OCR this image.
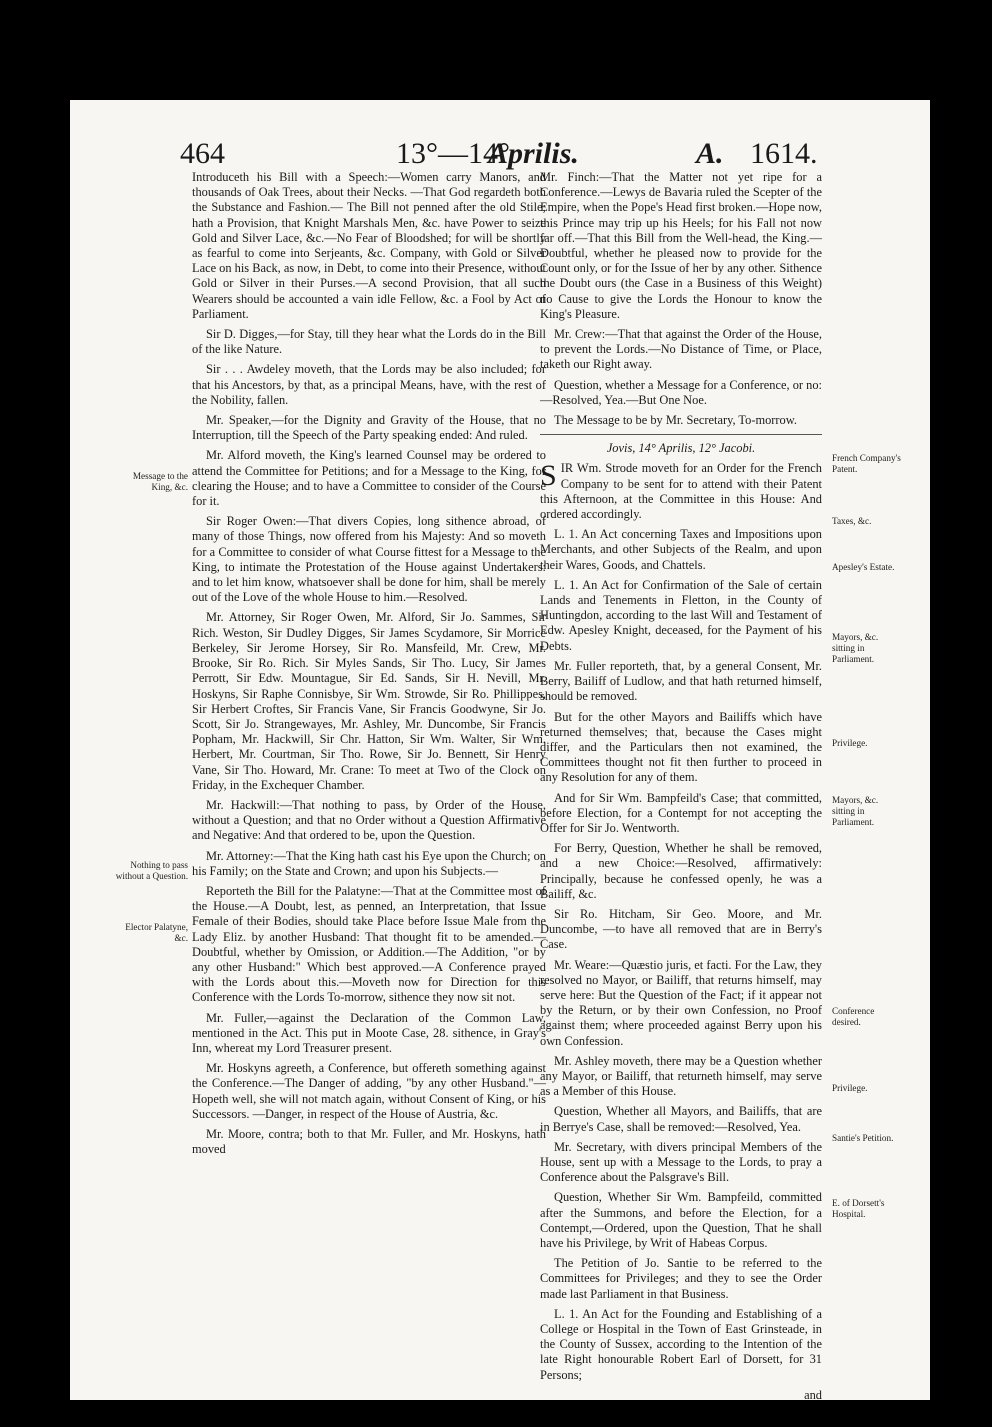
464	13°—14°
Aprilis.	A. 1614.

Introduceth his Bill with a Speech:—Women carry Manors, and thousands of Oak Trees, about their Necks. —That God regardeth both the Substance and Fashion.— The Bill not penned after the old Stile; hath a Provision, that Knight Marshals Men, &c. have Power to seize Gold and Silver Lace, &c.—No Fear of Bloodshed; for will be shortly as fearful to come into Serjeants, &c. Company, with Gold or Silver Lace on his Back, as now, in Debt, to come into their Presence, without Gold or Silver in their Purses.—A second Provision, that all such Wearers should be accounted a vain idle Fellow, &c. a Fool by Act of Parliament.

Sir D. Digges,—for Stay, till they hear what the Lords do in the Bill of the like Nature.

Sir . . . Awdeley moveth, that the Lords may be also included; for that his Ancestors, by that, as a principal Means, have, with the rest of the Nobility, fallen.

Mr. Speaker,—for the Dignity and Gravity of the House, that no Interruption, till the Speech of the Party speaking ended: And ruled.

Mr. Alford moveth, the King's learned Counsel may be ordered to attend the Committee for Petitions; and for a Message to the King, for clearing the House; and to have a Committee to consider of the Course for it.

Sir Roger Owen:—That divers Copies, long sithence abroad, of many of those Things, now offered from his Majesty: And so moveth for a Committee to consider of what Course fittest for a Message to the King, to intimate the Protestation of the House against Undertakers: and to let him know, whatsoever shall be done for him, shall be merely out of the Love of the whole House to him.—Resolved.

Mr. Attorney, Sir Roger Owen, Mr. Alford, Sir Jo. Sammes, Sir Rich. Weston, Sir Dudley Digges, Sir James Scydamore, Sir Morrice Berkeley, Sir Jerome Horsey, Sir Ro. Mansfeild, Mr. Crew, Mr. Brooke, Sir Ro. Rich. Sir Myles Sands, Sir Tho. Lucy, Sir James Perrott, Sir Edw. Mountague, Sir Ed. Sands, Sir H. Nevill, Mr. Hoskyns, Sir Raphe Connisbye, Sir Wm. Strowde, Sir Ro. Phillippes, Sir Herbert Croftes, Sir Francis Vane, Sir Francis Goodwyne, Sir Jo. Scott, Sir Jo. Strangewayes, Mr. Ashley, Mr. Duncombe, Sir Francis Popham, Mr. Hackwill, Sir Chr. Hatton, Sir Wm. Walter, Sir Wm. Herbert, Mr. Courtman, Sir Tho. Rowe, Sir Jo. Bennett, Sir Henry Vane, Sir Tho. Howard, Mr. Crane: To meet at Two of the Clock on Friday, in the Exchequer Chamber.

Mr. Hackwill:—That nothing to pass, by Order of the House, without a Question; and that no Order without a Question Affirmative and Negative: And that ordered to be, upon the Question.

Mr. Attorney:—That the King hath cast his Eye upon the Church; on his Family; on the State and Crown; and upon his Subjects.—

Reporteth the Bill for the Palatyne:—That at the Committee most of the House.—A Doubt, lest, as penned, an Interpretation, that Issue Female of their Bodies, should take Place before Issue Male from the Lady Eliz. by another Husband: That thought fit to be amended.—Doubtful, whether by Omission, or Addition.—The Addition, "or by any other Husband:" Which best approved.—A Conference prayed with the Lords about this.—Moveth now for Direction for this Conference with the Lords To-morrow, sithence they now sit not.

Mr. Fuller,—against the Declaration of the Common Law, mentioned in the Act. This put in Moote Case, 28. sithence, in Gray's Inn, whereat my Lord Treasurer present.

Mr. Hoskyns agreeth, a Conference, but offereth something against the Conference.—The Danger of adding, "by any other Husband."—Hopeth well, she will not match again, without Consent of King, or his Successors. —Danger, in respect of the House of Austria, &c.

Mr. Moore, contra; both to that Mr. Fuller, and Mr. Hoskyns, hath moved

Message to the King, &c.
Nothing to pass without a Question.
Elector Palatyne, &c.

Mr. Finch:—That the Matter not yet ripe for a Conference.—Lewys de Bavaria ruled the Scepter of the Empire, when the Pope's Head first broken.—Hope now, this Prince may trip up his Heels; for his Fall not now far off.—That this Bill from the Well-head, the King.—Doubtful, whether he pleased now to provide for the Count only, or for the Issue of her by any other. Sithence the Doubt ours (the Case in a Business of this Weight) no Cause to give the Lords the Honour to know the King's Pleasure.

Mr. Crew:—That that against the Order of the House, to prevent the Lords.—No Distance of Time, or Place, taketh our Right away.

Question, whether a Message for a Conference, or no:—Resolved, Yea.—But One Noe.

The Message to be by Mr. Secretary, To-morrow.

Jovis, 14° Aprilis, 12° Jacobi.

SIR Wm. Strode moveth for an Order for the French Company to be sent for to attend with their Patent this Afternoon, at the Committee in this House: And ordered accordingly.

L. 1. An Act concerning Taxes and Impositions upon Merchants, and other Subjects of the Realm, and upon their Wares, Goods, and Chattels.

L. 1. An Act for Confirmation of the Sale of certain Lands and Tenements in Fletton, in the County of Huntingdon, according to the last Will and Testament of Edw. Apesley Knight, deceased, for the Payment of his Debts.

Mr. Fuller reporteth, that, by a general Consent, Mr. Berry, Bailiff of Ludlow, and that hath returned himself, should be removed.

But for the other Mayors and Bailiffs which have returned themselves; that, because the Cases might differ, and the Particulars then not examined, the Committees thought not fit then further to proceed in any Resolution for any of them.

And for Sir Wm. Bampfeild's Case; that committed, before Election, for a Contempt for not accepting the Offer for Sir Jo. Wentworth.

For Berry, Question, Whether he shall be removed, and a new Choice:—Resolved, affirmatively: Principally, because he confessed openly, he was a Bailiff, &c.

Sir Ro. Hitcham, Sir Geo. Moore, and Mr. Duncombe, —to have all removed that are in Berry's Case.

Mr. Weare:—Quæstio juris, et facti. For the Law, they resolved no Mayor, or Bailiff, that returns himself, may serve here: But the Question of the Fact; if it appear not by the Return, or by their own Confession, no Proof against them; where proceeded against Berry upon his own Confession.

Mr. Ashley moveth, there may be a Question whether any Mayor, or Bailiff, that returneth himself, may serve as a Member of this House.

Question, Whether all Mayors, and Bailiffs, that are in Berrye's Case, shall be removed:—Resolved, Yea.

Mr. Secretary, with divers principal Members of the House, sent up with a Message to the Lords, to pray a Conference about the Palsgrave's Bill.

Question, Whether Sir Wm. Bampfeild, committed after the Summons, and before the Election, for a Contempt,—Ordered, upon the Question, That he shall have his Privilege, by Writ of Habeas Corpus.

The Petition of Jo. Santie to be referred to the Committees for Privileges; and they to see the Order made last Parliament in that Business.

L. 1. An Act for the Founding and Establishing of a College or Hospital in the Town of East Grinsteade, in the County of Sussex, according to the Intention of the late Right honourable Robert Earl of Dorsett, for 31 Persons;

and

French Company's Patent.
Taxes, &c.
Apesley's Estate.
Mayors, &c. sitting in Parliament.
Privilege.
Mayors, &c. sitting in Parliament.
Conference desired.
Privilege.
Santie's Petition.
E. of Dorsett's Hospital.
